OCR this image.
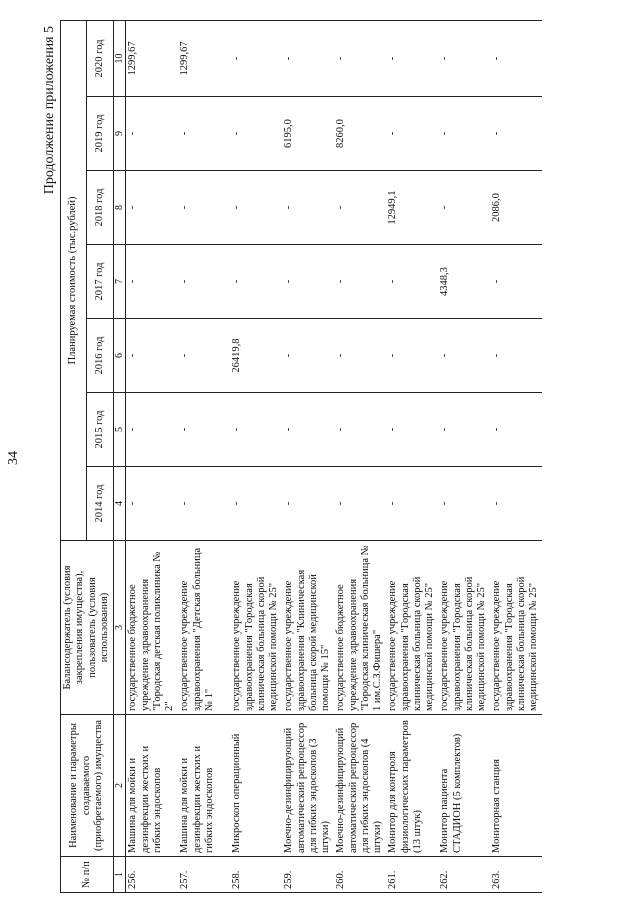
34
Продолжение приложения 5
№ п/п	Наименование и параметры создаваемого (приобретаемого) имущества	Балансодержатель (условия закрепления имущества), пользователь (условия использования)	Планируемая стоимость (тыс.рублей)						
			2014 год	2015 год	2016 год	2017 год	2018 год	2019 год	2020 год
1	2	3	4	5	6	7	8	9	10
256.	Машина для мойки и дезинфекции жестких и гибких эндоскопов	государственное бюджетное учреждение здравоохранения "Городская детская поликлиника № 2"	-	-	-	-	-	-	1299,67
257.	Машина для мойки и дезинфекции жестких и гибких эндоскопов	государственное учреждение здравоохранения "Детская больница № 1"	-	-	-	-	-	-	1299,67
258.	Микроскоп операционный	государственное учреждение здравоохранения "Городская клиническая больница скорой медицинской помощи № 25"	-	-	26419,8	-	-	-	-
259.	Моечно-дезинфицирующий автоматический репроцессор для гибких эндоскопов (3 штуки)	государственное учреждение здравоохранения "Клиническая больница скорой медицинской помощи № 15"	-	-	-	-	-	6195,0	-
260.	Моечно-дезинфицирующий автоматический репроцессор для гибких эндоскопов (4 штуки)	государственное бюджетное учреждение здравоохранения "Городская клиническая больница № 1 им.С.З.Фишера"	-	-	-	-	-	8260,0	-
261.	Монитор для контроля физиологических параметров (13 штук)	государственное учреждение здравоохранения "Городская клиническая больница скорой медицинской помощи № 25"	-	-	-	-	12949,1	-	-
262.	Монитор пациента СТАДИОН (5 комплектов)	государственное учреждение здравоохранения "Городская клиническая больница скорой медицинской помощи № 25"	-	-	-	4348,3	-	-	-
263.	Мониторная станция	государственное учреждение здравоохранения "Городская клиническая больница скорой медицинской помощи № 25"	-	-	-	-	2086,0	-	-
